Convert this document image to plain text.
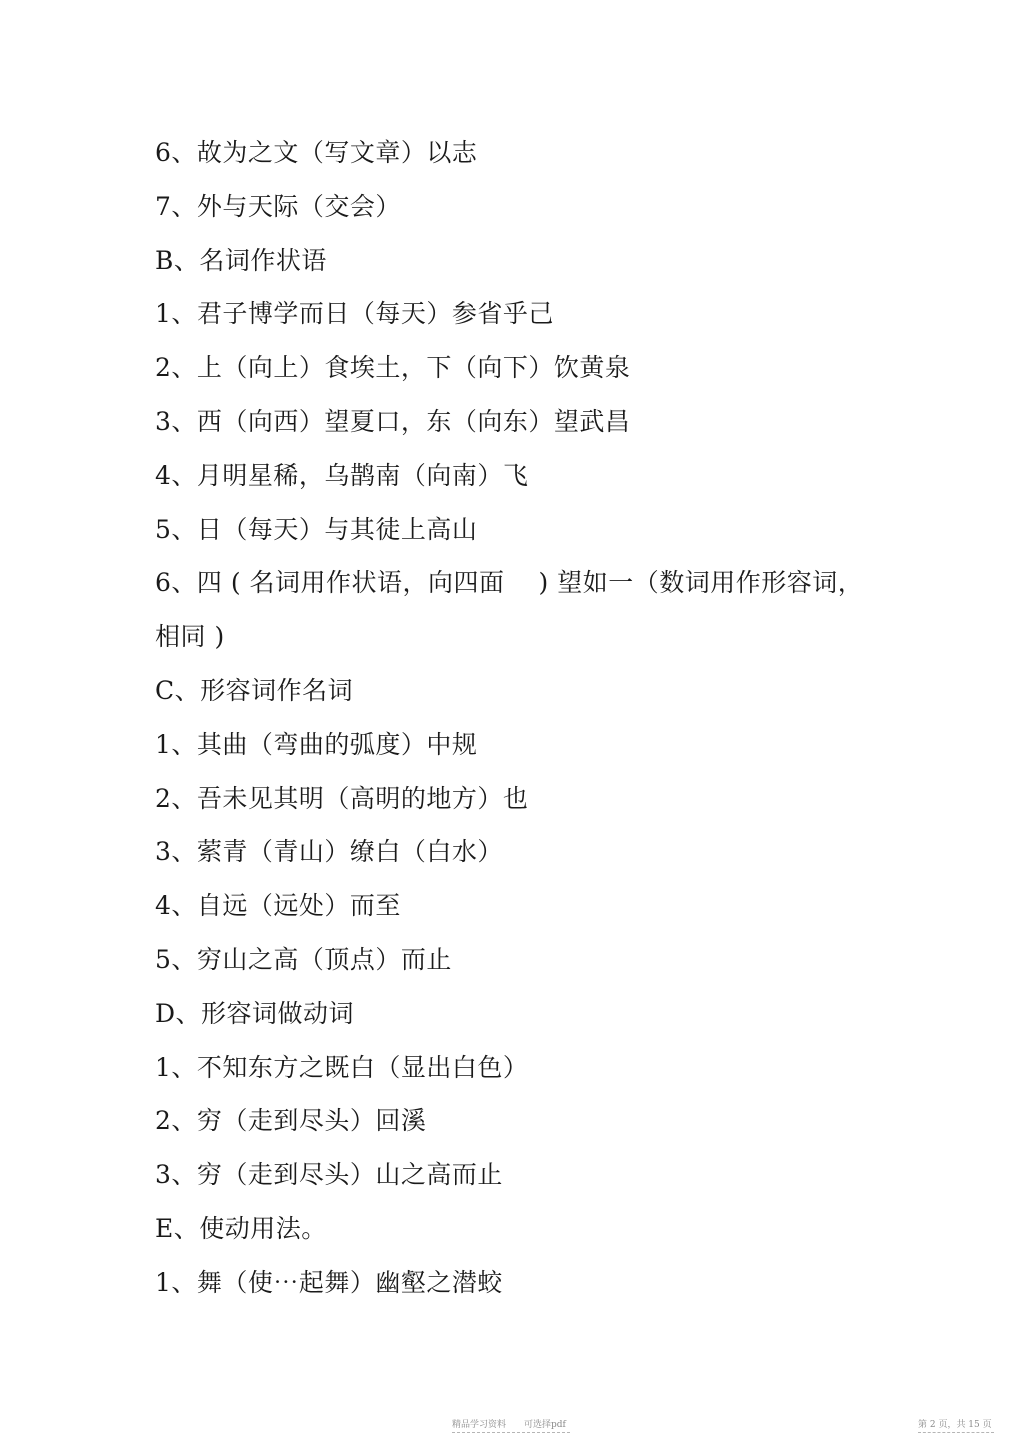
6、故为之文（写文章）以志
7、外与天际（交会）
B、名词作状语
1、君子博学而日（每天）参省乎己
2、上（向上）食埃土，下（向下）饮黄泉
3、西（向西）望夏口，东（向东）望武昌
4、月明星稀，乌鹊南（向南）飞
5、日（每天）与其徒上高山
6、四 ( 名词用作状语，向四面　 ) 望如一（数词用作形容词，
相同 )
C、形容词作名词
1、其曲（弯曲的弧度）中规
2、吾未见其明（高明的地方）也
3、萦青（青山）缭白（白水）
4、自远（远处）而至
5、穷山之高（顶点）而止
D、形容词做动词
1、不知东方之既白（显出白色）
2、穷（走到尽头）回溪
3、穷（走到尽头）山之高而止
E、使动用法。
1、舞（使⋯起舞）幽壑之潜蛟
精品学习资料　　可选择pdf	第 2 页，共 15 页
